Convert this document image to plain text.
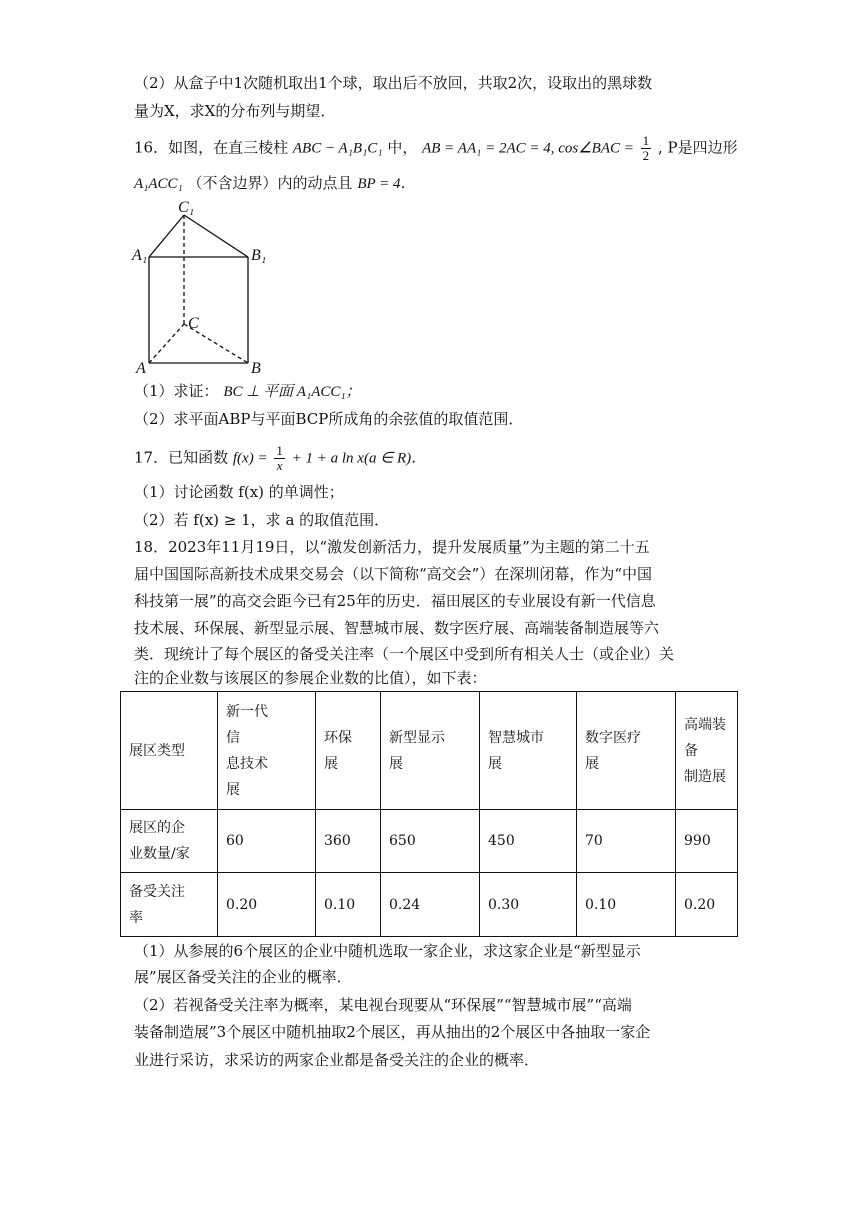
（2）从盒子中1次随机取出1个球，取出后不放回，共取2次，设取出的黑球数
量为X，求X的分布列与期望．
16．如图，在直三棱柱 ABC − A₁B₁C₁ 中， AB = AA₁ = 2AC = 4, cos∠BAC = $\frac{1}{2}$ , P是四边形
A₁ACC₁ （不含边界）内的动点且 BP = 4．
C₁
A₁	B₁
C
A	B
（1）求证： BC ⊥ 平面 A₁ACC₁；
（2）求平面ABP与平面BCP所成角的余弦值的取值范围．
17．已知函数 $f(x) = \frac{1}{x} + 1 + a$ ln x(a ∈ R)．
（1）讨论函数 f(x) 的单调性；
（2）若 f(x) ≥ 1，求 a 的取值范围．
18．2023年11月19日，以“激发创新活力，提升发展质量”为主题的第二十五
届中国国际高新技术成果交易会（以下简称“高交会”）在深圳闭幕，作为“中国
科技第一展”的高交会距今已有25年的历史．福田展区的专业展设有新一代信息
技术展、环保展、新型显示展、智慧城市展、数字医疗展、高端装备制造展等六
类．现统计了每个展区的备受关注率（一个展区中受到所有相关人士（或企业）关
注的企业数与该展区的参展企业数的比值），如下表：
展区类型	新一代
信
息技术
展	环保
展	新型显示
展	智慧城市
展	数字医疗
展	高端装
备
制造展
展区的企
业数量/家	60	360	650	450	70	990
备受关注
率	0.20	0.10	0.24	0.30	0.10	0.20
（1）从参展的6个展区的企业中随机选取一家企业，求这家企业是“新型显示
展”展区备受关注的企业的概率．
（2）若视备受关注率为概率，某电视台现要从“环保展”“智慧城市展”“高端
装备制造展”3个展区中随机抽取2个展区，再从抽出的2个展区中各抽取一家企
业进行采访，求采访的两家企业都是备受关注的企业的概率．
